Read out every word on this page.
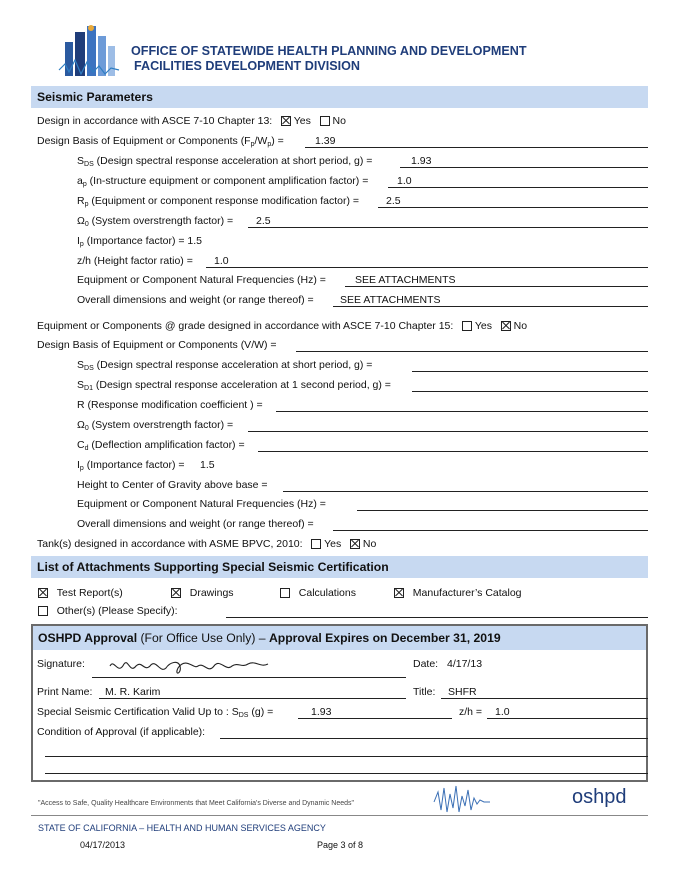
OFFICE OF STATEWIDE HEALTH PLANNING AND DEVELOPMENT
FACILITIES DEVELOPMENT DIVISION
Seismic Parameters
Design in accordance with ASCE 7-10 Chapter 13: Yes No
Design Basis of Equipment or Components $(F_p/W_p)$ =	1.39
$S_{DS}$ (Design spectral response acceleration at short period, g) =	1.93
$a_p$ (In-structure equipment or component amplification factor) =	1.0
$R_p$ (Equipment or component response modification factor) =	2.5
$\Omega_0$ (System overstrength factor) = 2.5
$I_p$ (Importance factor) = 1.5
z/h (Height factor ratio) = 1.0
Equipment or Component Natural Frequencies (Hz) =	SEE ATTACHMENTS
Overall dimensions and weight (or range thereof) =	SEE ATTACHMENTS
Equipment or Components @ grade designed in accordance with ASCE 7-10 Chapter 15: Yes No
Design Basis of Equipment or Components (V/W) =
$S_{DS}$ (Design spectral response acceleration at short period, g) =
$S_{D1}$ (Design spectral response acceleration at 1 second period, g) =
R (Response modification coefficient ) =
$\Omega_0$ (System overstrength factor) =
$C_d$ (Deflection amplification factor) =
$I_p$ (Importance factor) = 1.5
Height to Center of Gravity above base =
Equipment or Component Natural Frequencies (Hz) =
Overall dimensions and weight (or range thereof) =
Tank(s) designed in accordance with ASME BPVC, 2010: Yes No
List of Attachments Supporting Special Seismic Certification
Test Report(s)	Drawings	Calculations	Manufacturer’s Catalog
Other(s) (Please Specify):
OSHPD Approval (For Office Use Only) – Approval Expires on December 31, 2019
Signature:	Date: 4/17/13
Print Name: M. R. Karim	Title: SHFR
Special Seismic Certification Valid Up to : $S_{DS}$ (g) =	1.93	z/h = 1.0
Condition of Approval (if applicable):
"Access to Safe, Quality Healthcare Environments that Meet California's Diverse and Dynamic Needs"	oshpd
STATE OF CALIFORNIA – HEALTH AND HUMAN SERVICES AGENCY
04/17/2013	Page 3 of 8
